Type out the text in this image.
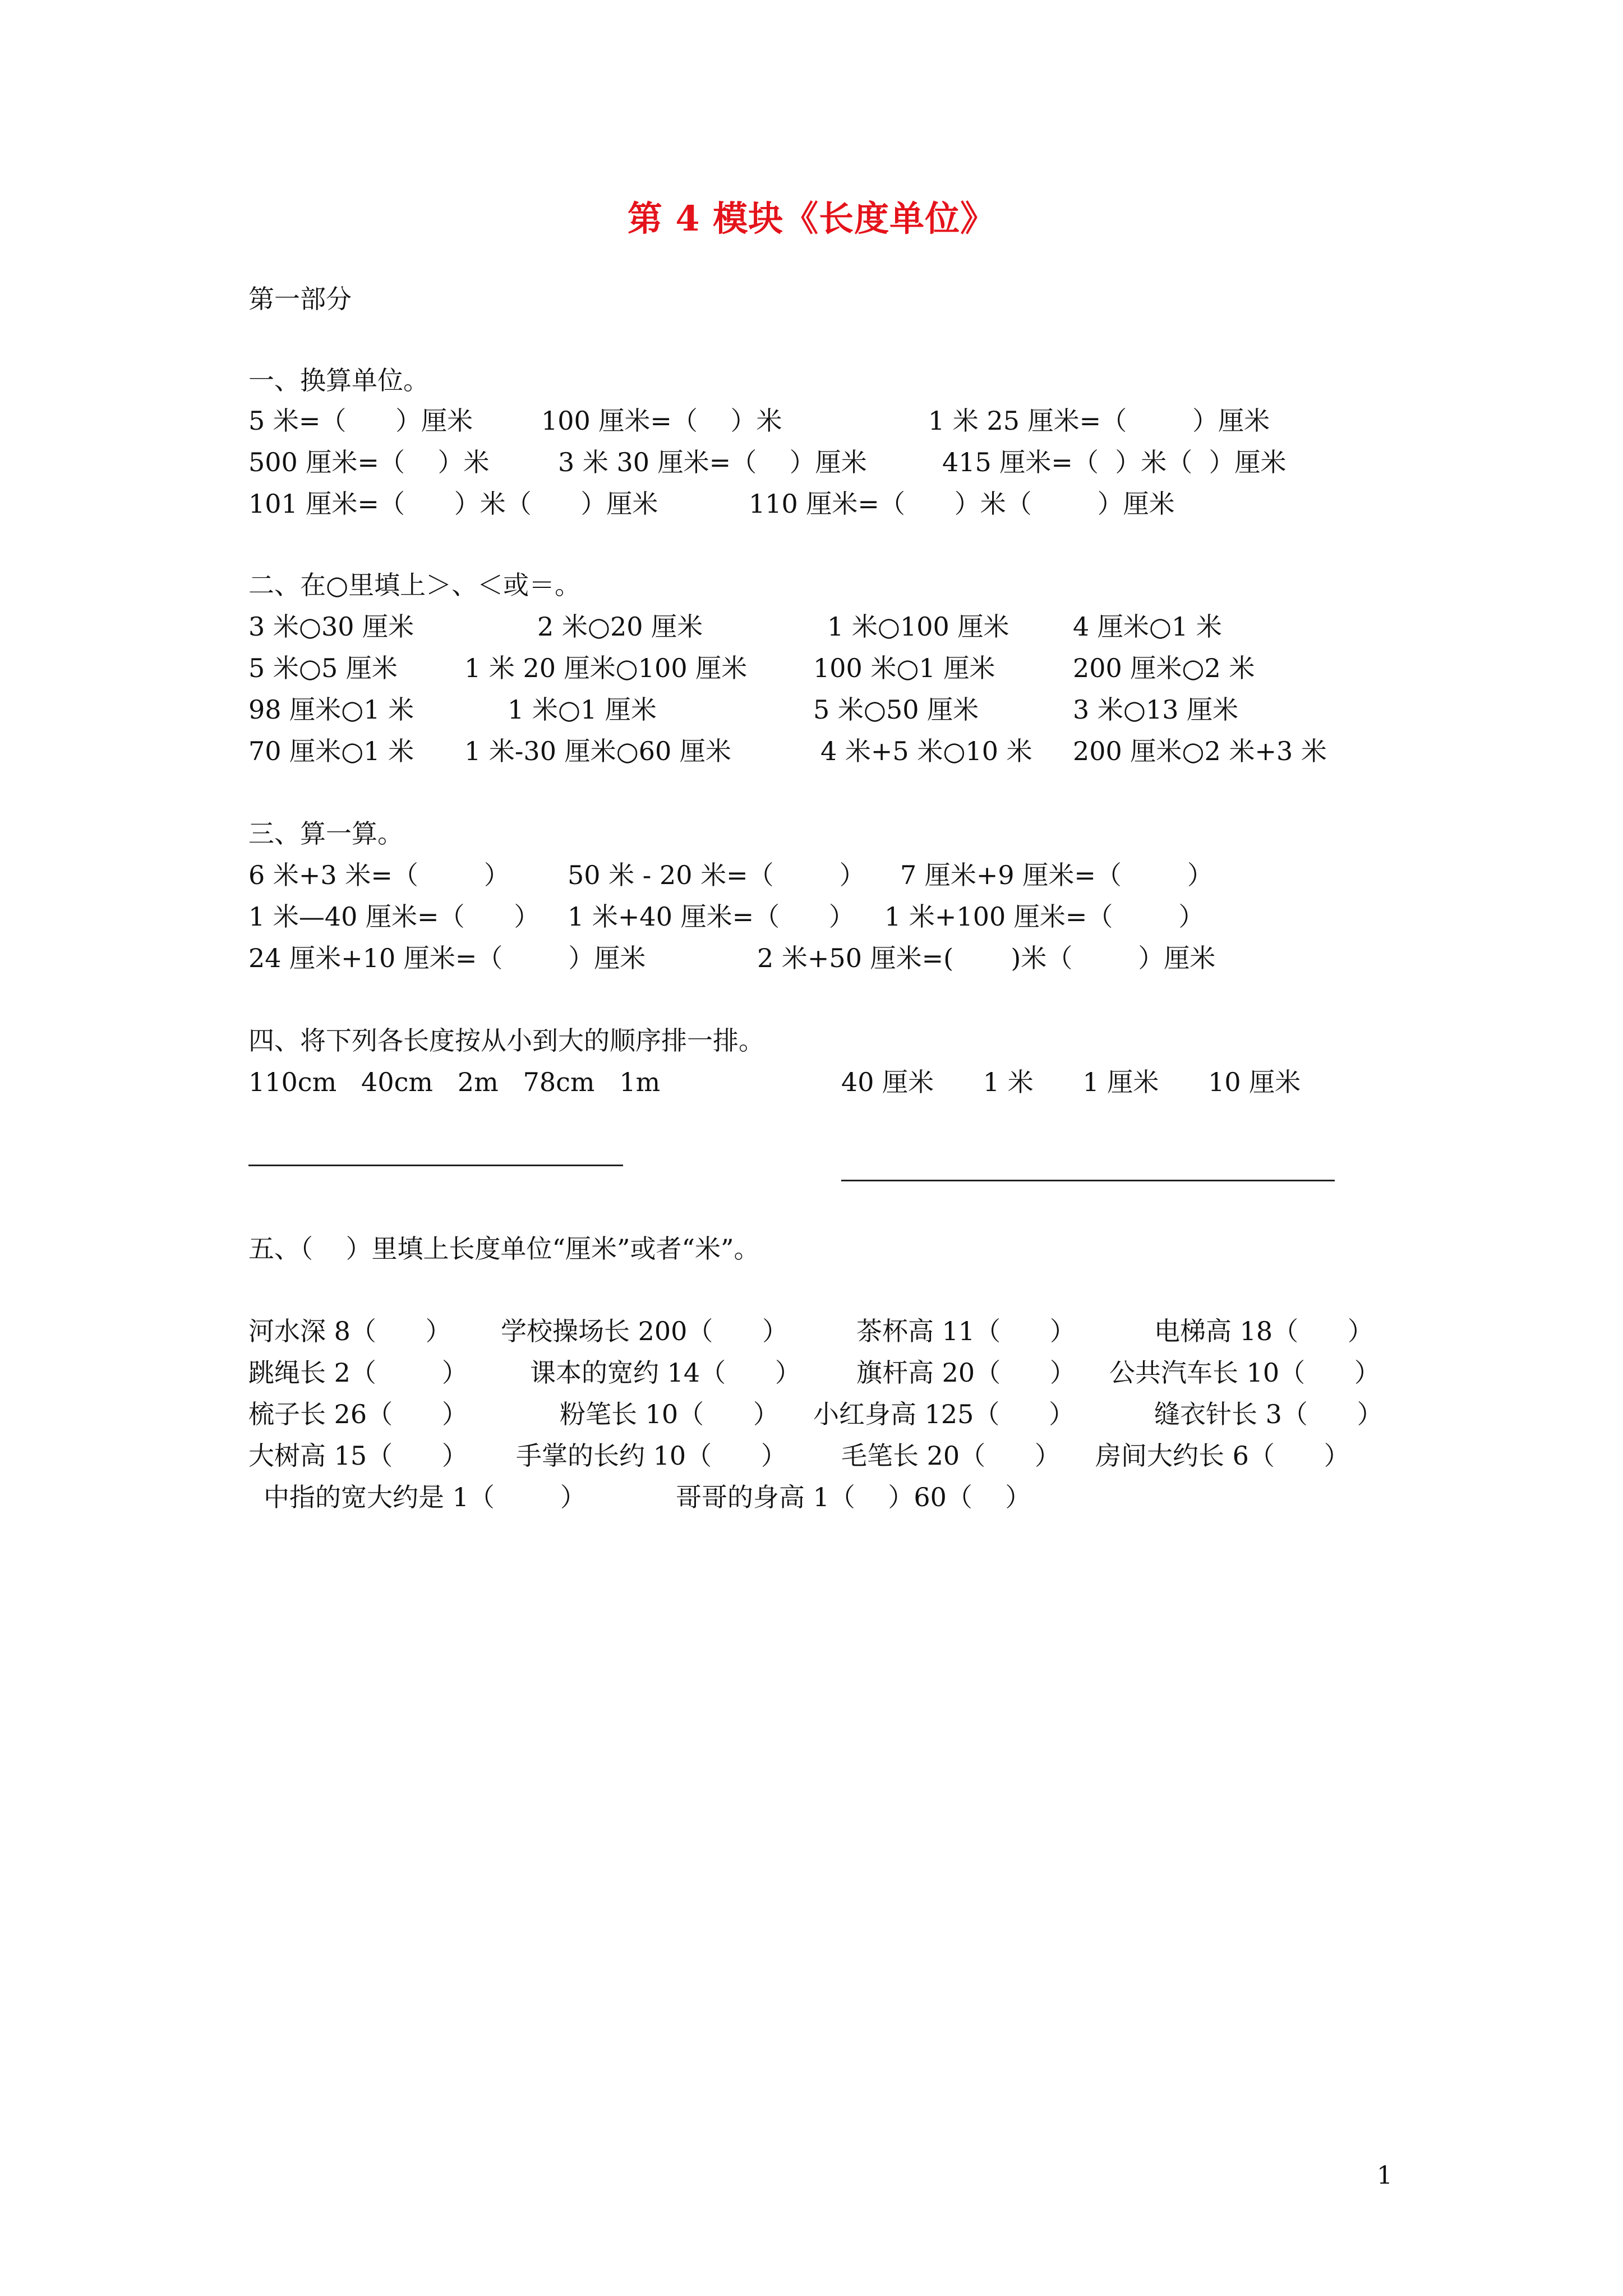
第 4 模块《长度单位》
第一部分
一、换算单位。
5 米=（      ）厘米	100 厘米=（    ）米	1 米 25 厘米=（        ）厘米
500 厘米=（    ）米	3 米 30 厘米=（    ）厘米	415 厘米=（  ）米（  ）厘米
101 厘米=（      ）米（      ）厘米	110 厘米=（      ）米（        ）厘米
二、在○里填上＞、＜或＝。
3 米○30 厘米	2 米○20 厘米	1 米○100 厘米 4 厘米○1 米
5 米○5 厘米	1 米 20 厘米○100 厘米	100 米○1 厘米	200 厘米○2 米
98 厘米○1 米	1 米○1 厘米	5 米○50 厘米	3 米○13 厘米
70 厘米○1 米 1 米-30 厘米○60 厘米	4 米+5 米○10 米 200 厘米○2 米+3 米
三、算一算。
6 米+3 米=（        ） 50 米 - 20 米=（        ） 7 厘米+9 厘米=（        ）
1 米—40 厘米=（      ） 1 米+40 厘米=（      ） 1 米+100 厘米=（        ）
24 厘米+10 厘米=（        ）厘米	2 米+50 厘米=(       )米（        ）厘米
四、将下列各长度按从小到大的顺序排一排。
110cm   40cm   2m   78cm   1m	40 厘米      1 米      1 厘米      10 厘米
五、（    ）里填上长度单位“厘米”或者“米”。
河水深 8（      ） 学校操场长 200（      ）	茶杯高 11（      ）	电梯高 18（      ）
跳绳长 2（        ） 课本的宽约 14（      ） 旗杆高 20（      ） 公共汽车长 10（      ）
梳子长 26（      ）	粉笔长 10（      ） 小红身高 125（      ）	缝衣针长 3（      ）
大树高 15（      ） 手掌的长约 10（      ） 毛笔长 20（      ） 房间大约长 6（      ）
中指的宽大约是 1（        ）	哥哥的身高 1（    ）60（    ）
1
